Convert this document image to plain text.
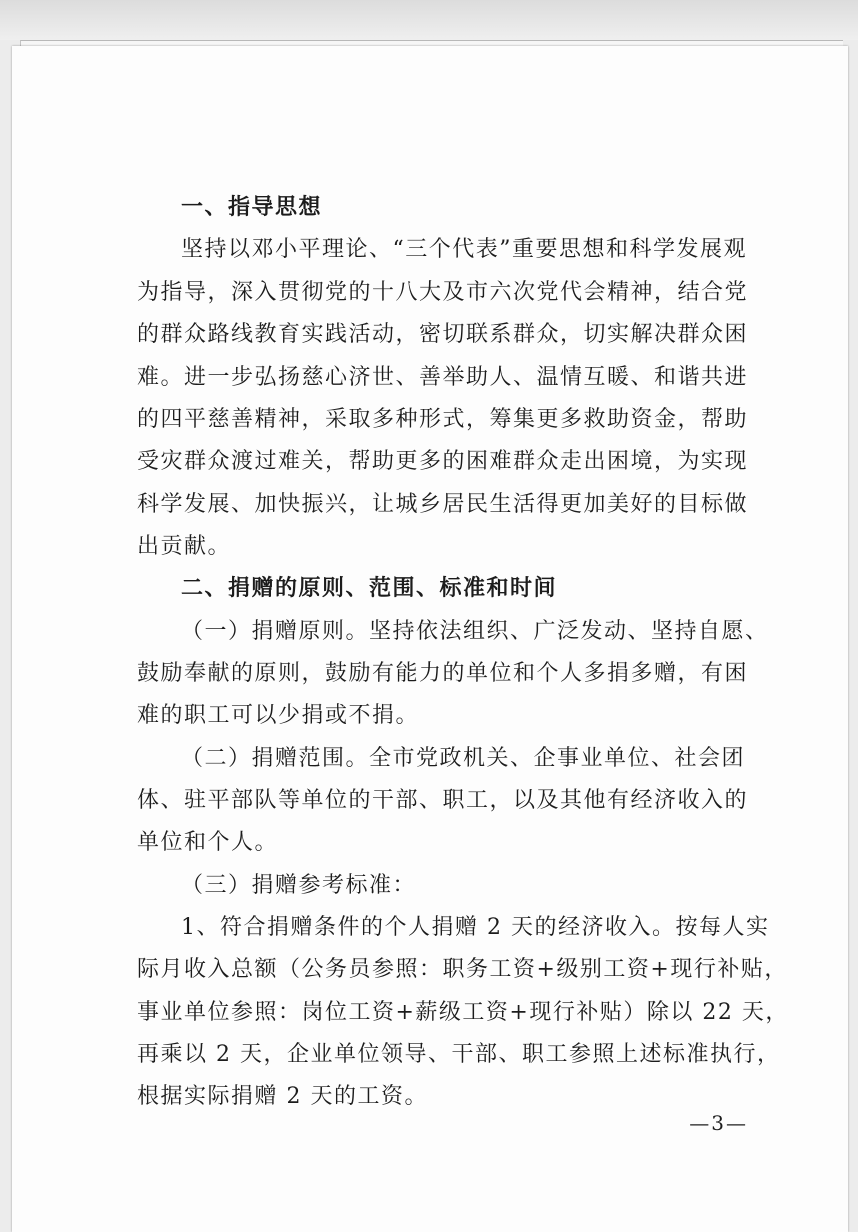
一、指导思想
坚持以邓小平理论、“三个代表”重要思想和科学发展观
为指导，深入贯彻党的十八大及市六次党代会精神，结合党
的群众路线教育实践活动，密切联系群众，切实解决群众困
难。进一步弘扬慈心济世、善举助人、温情互暖、和谐共进
的四平慈善精神，采取多种形式，筹集更多救助资金，帮助
受灾群众渡过难关，帮助更多的困难群众走出困境，为实现
科学发展、加快振兴，让城乡居民生活得更加美好的目标做
出贡献。
二、捐赠的原则、范围、标准和时间
（一）捐赠原则。坚持依法组织、广泛发动、坚持自愿、
鼓励奉献的原则，鼓励有能力的单位和个人多捐多赠，有困
难的职工可以少捐或不捐。
（二）捐赠范围。全市党政机关、企事业单位、社会团
体、驻平部队等单位的干部、职工，以及其他有经济收入的
单位和个人。
（三）捐赠参考标准：
1、符合捐赠条件的个人捐赠 2 天的经济收入。按每人实
际月收入总额（公务员参照：职务工资+级别工资+现行补贴，
事业单位参照：岗位工资+薪级工资+现行补贴）除以 22 天，
再乘以 2 天，企业单位领导、干部、职工参照上述标准执行，
根据实际捐赠 2 天的工资。
—3—
